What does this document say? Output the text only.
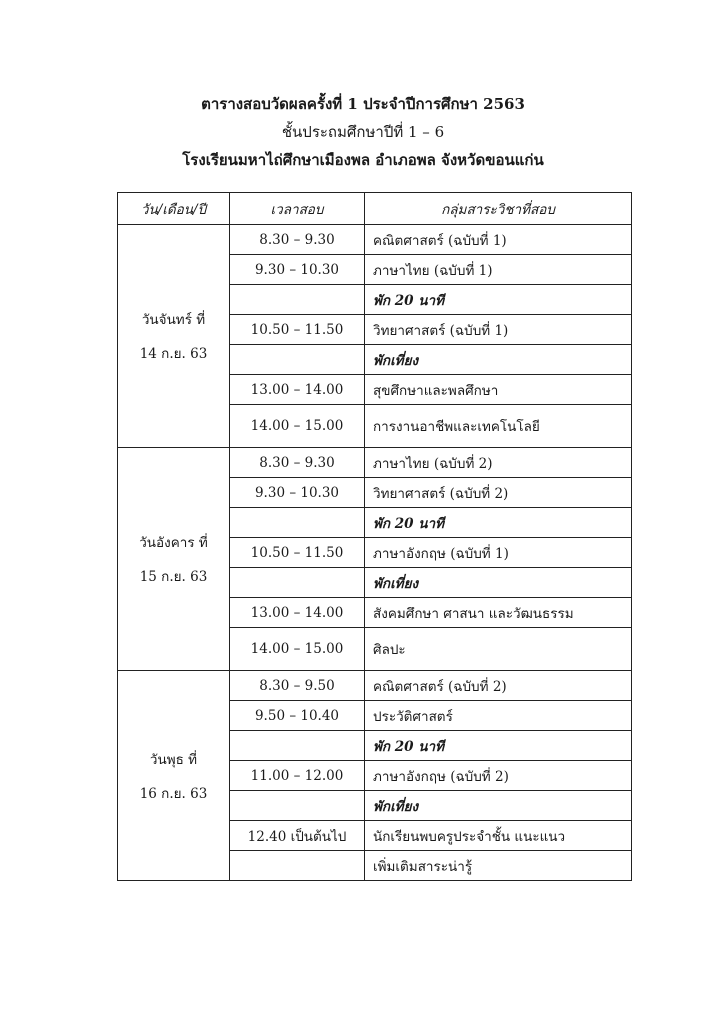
ตารางสอบวัดผลครั้งที่ 1 ประจำปีการศึกษา 2563
ชั้นประถมศึกษาปีที่ 1 – 6
โรงเรียนมหาไถ่ศึกษาเมืองพล อำเภอพล จังหวัดขอนแก่น
วัน/เดือน/ปี	เวลาสอบ	กลุ่มสาระวิชาที่สอบ

วันจันทร์ ที่
14 ก.ย. 63	8.30 – 9.30	คณิตศาสตร์ (ฉบับที่ 1)
	9.30 – 10.30	ภาษาไทย (ฉบับที่ 1)
		พัก 20 นาที
	10.50 – 11.50	วิทยาศาสตร์ (ฉบับที่ 1)
		พักเที่ยง
	13.00 – 14.00	สุขศึกษาและพลศึกษา
	14.00 – 15.00	การงานอาชีพและเทคโนโลยี

วันอังคาร ที่
15 ก.ย. 63	8.30 – 9.30	ภาษาไทย (ฉบับที่ 2)
	9.30 – 10.30	วิทยาศาสตร์ (ฉบับที่ 2)
		พัก 20 นาที
	10.50 – 11.50	ภาษาอังกฤษ (ฉบับที่ 1)
		พักเที่ยง
	13.00 – 14.00	สังคมศึกษา ศาสนา และวัฒนธรรม
	14.00 – 15.00	ศิลปะ

วันพุธ ที่
16 ก.ย. 63	8.30 – 9.50	คณิตศาสตร์ (ฉบับที่ 2)
	9.50 – 10.40	ประวัติศาสตร์
		พัก 20 นาที
	11.00 – 12.00	ภาษาอังกฤษ (ฉบับที่ 2)
		พักเที่ยง
	12.40 เป็นต้นไป	นักเรียนพบครูประจำชั้น แนะแนว
		เพิ่มเติมสาระน่ารู้
